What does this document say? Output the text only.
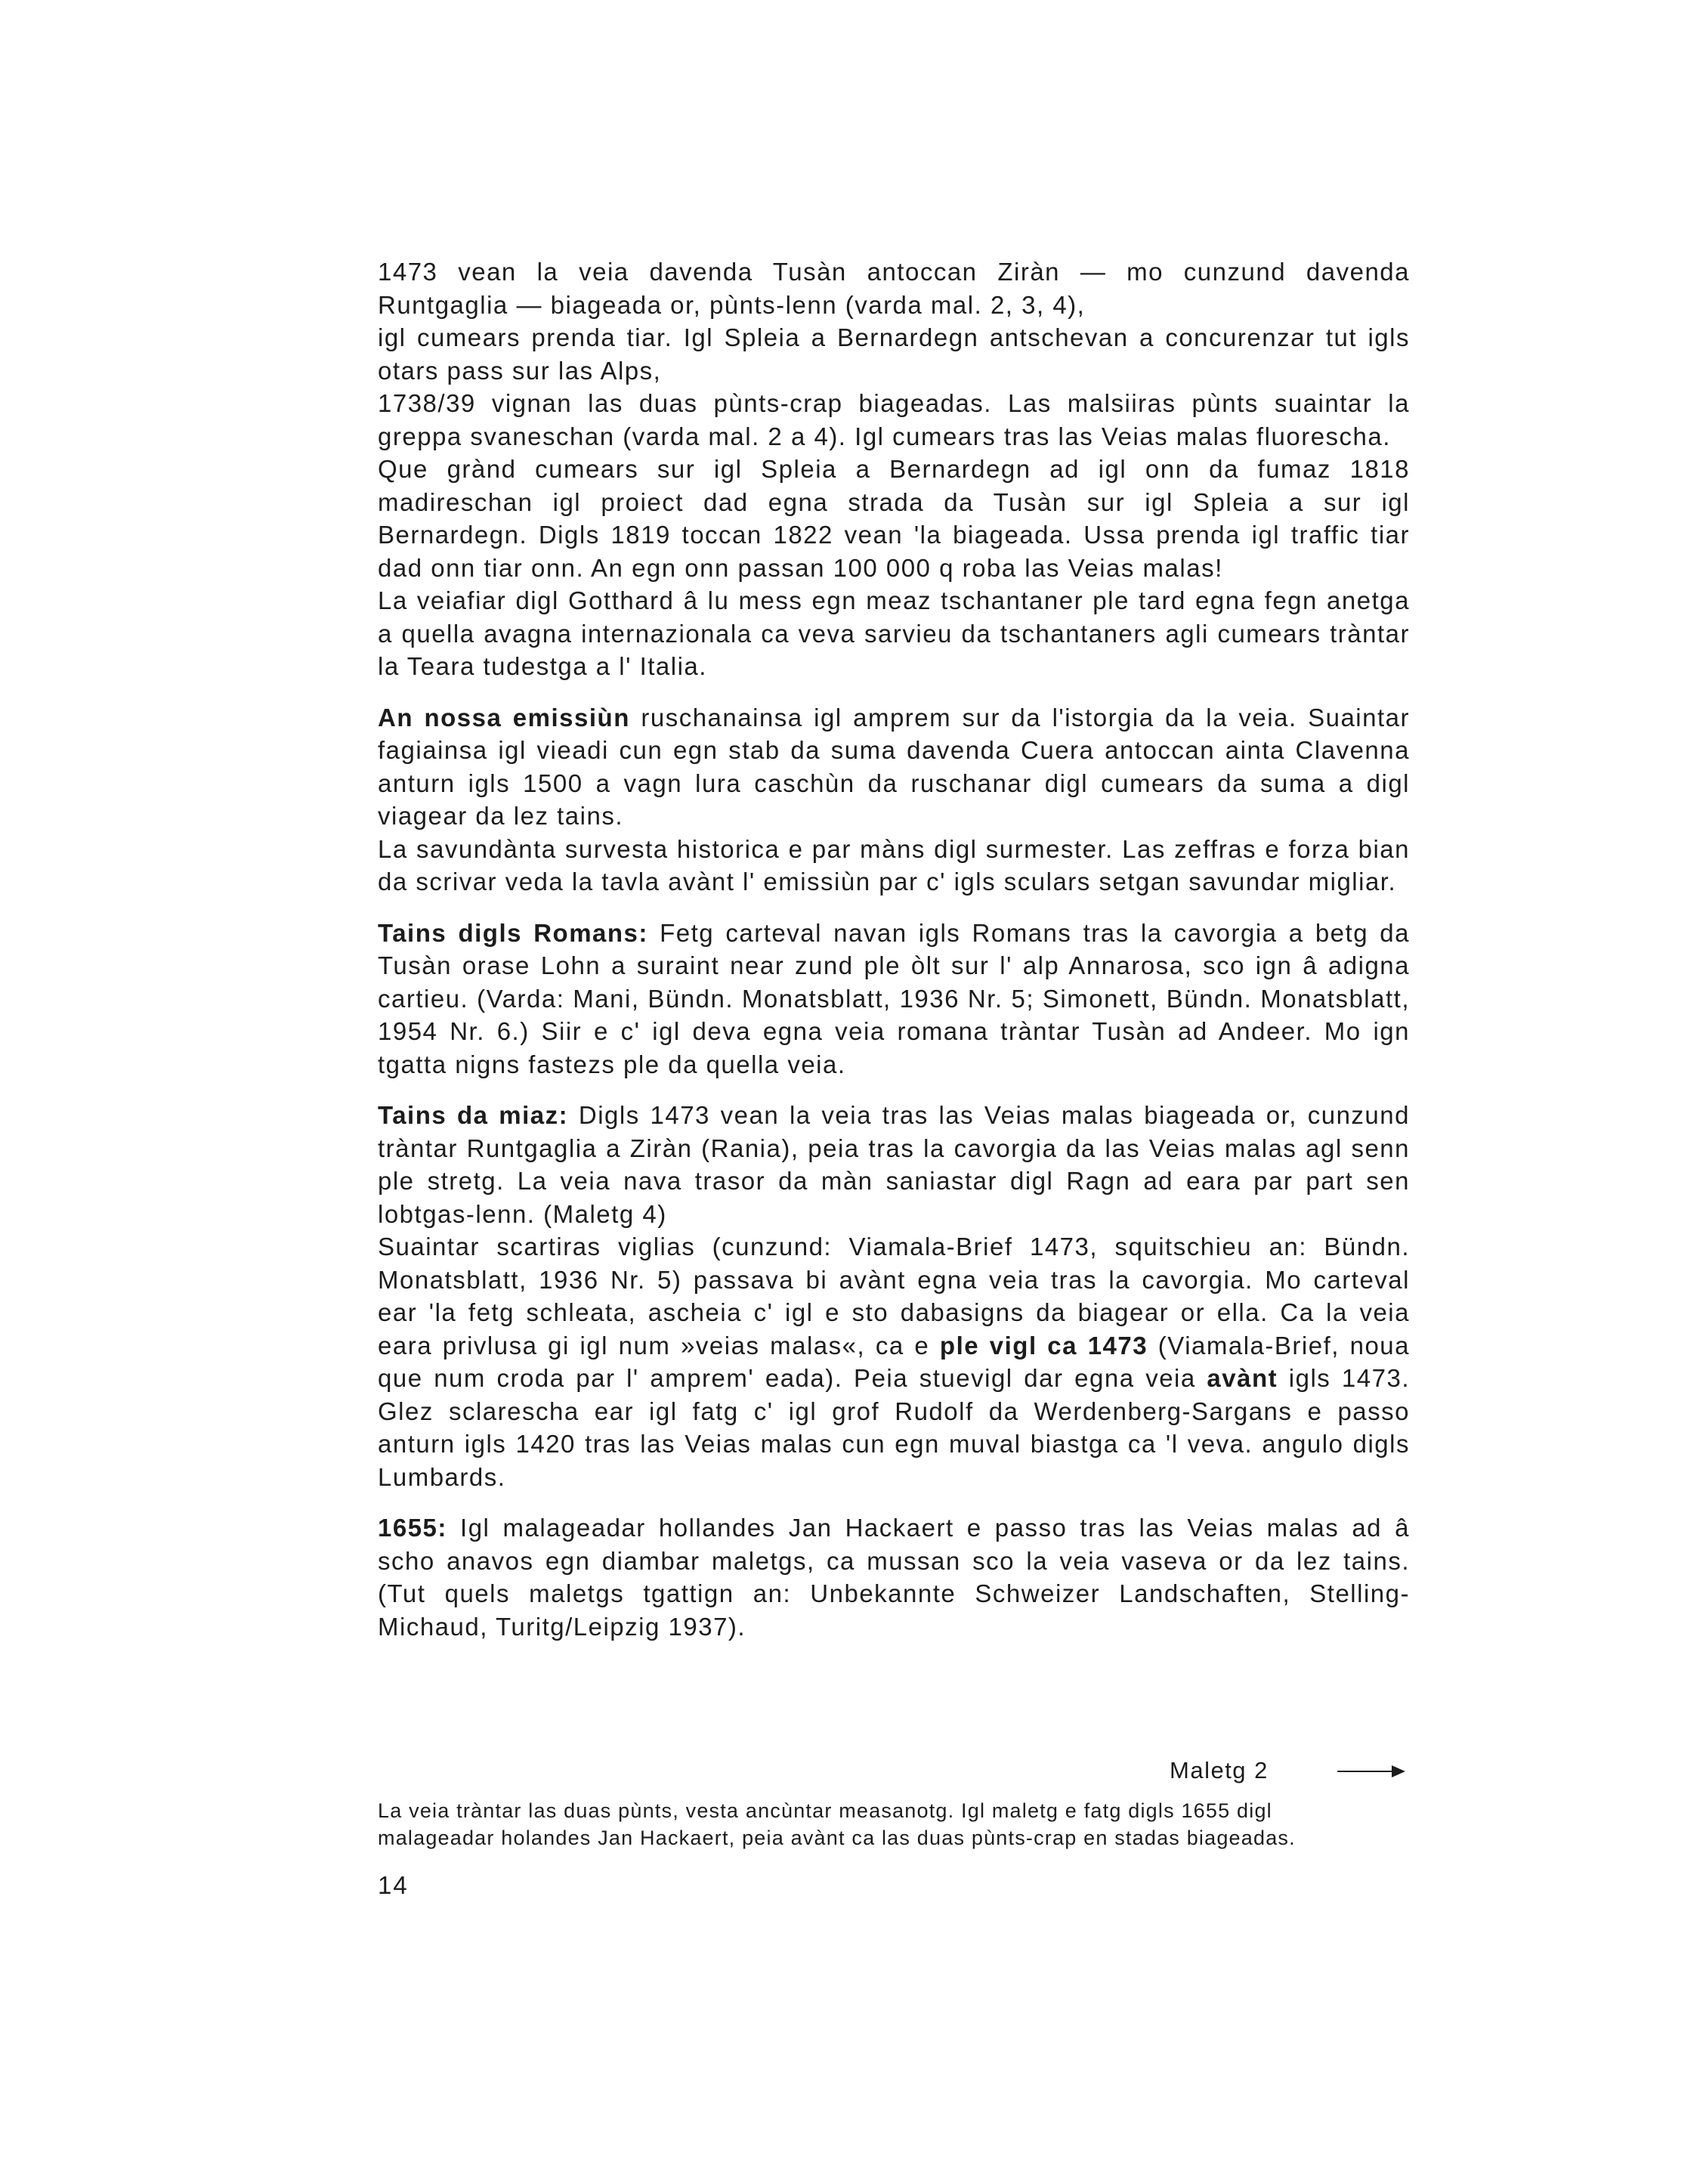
1473 vean la veia davenda Tusàn antoccan Ziràn — mo cunzund davenda Runtgaglia — biageada or, pùnts-lenn (varda mal. 2, 3, 4),

igl cumears prenda tiar. Igl Spleia a Bernardegn antschevan a concurenzar tut igls otars pass sur las Alps,

1738/39 vignan las duas pùnts-crap biageadas. Las malsiiras pùnts suaintar la greppa svaneschan (varda mal. 2 a 4). Igl cumears tras las Veias malas fluorescha.

Que grànd cumears sur igl Spleia a Bernardegn ad igl onn da fumaz 1818 madireschan igl proiect dad egna strada da Tusàn sur igl Spleia a sur igl Bernardegn. Digls 1819 toccan 1822 vean 'la biageada. Ussa prenda igl traffic tiar dad onn tiar onn. An egn onn passan 100 000 q roba las Veias malas!

La veiafiar digl Gotthard â lu mess egn meaz tschantaner ple tard egna fegn anetga a quella avagna internazionala ca veva sarvieu da tschantaners agli cumears tràntar la Teara tudestga a l' Italia.

An nossa emissiùn ruschanainsa igl amprem sur da l'istorgia da la veia. Suaintar fagiainsa igl vieadi cun egn stab da suma davenda Cuera antoccan ainta Clavenna anturn igls 1500 a vagn lura caschùn da ruschanar digl cumears da suma a digl viagear da lez tains.

La savundànta survesta historica e par màns digl surmester. Las zeffras e forza bian da scrivar veda la tavla avànt l' emissiùn par c' igls sculars setgan savundar migliar.

Tains digls Romans: Fetg carteval navan igls Romans tras la cavorgia a betg da Tusàn orase Lohn a suraint near zund ple òlt sur l' alp Annarosa, sco ign â adigna cartieu. (Varda: Mani, Bündn. Monatsblatt, 1936 Nr. 5; Simonett, Bündn. Monatsblatt, 1954 Nr. 6.) Siir e c' igl deva egna veia romana tràntar Tusàn ad Andeer. Mo ign tgatta nigns fastezs ple da quella veia.

Tains da miaz: Digls 1473 vean la veia tras las Veias malas biageada or, cunzund tràntar Runtgaglia a Ziràn (Rania), peia tras la cavorgia da las Veias malas agl senn ple stretg. La veia nava trasor da màn saniastar digl Ragn ad eara par part sen lobtgas-lenn. (Maletg 4)

Suaintar scartiras viglias (cunzund: Viamala-Brief 1473, squitschieu an: Bündn. Monatsblatt, 1936 Nr. 5) passava bi avànt egna veia tras la cavorgia. Mo carteval ear 'la fetg schleata, ascheia c' igl e sto dabasigns da biagear or ella. Ca la veia eara privlusa gi igl num »veias malas«, ca e ple vigl ca 1473 (Viamala-Brief, noua que num croda par l' amprem' eada). Peia stuevigl dar egna veia avànt igls 1473. Glez sclarescha ear igl fatg c' igl grof Rudolf da Werdenberg-Sargans e passo anturn igls 1420 tras las Veias malas cun egn muval biastga ca 'l veva. angulo digls Lumbards.

1655: Igl malageadar hollandes Jan Hackaert e passo tras las Veias malas ad â scho anavos egn diambar maletgs, ca mussan sco la veia vaseva or da lez tains. (Tut quels maletgs tgattign an: Unbekannte Schweizer Landschaften, Stelling-Michaud, Turitg/Leipzig 1937).

Maletg 2
La veia tràntar las duas pùnts, vesta ancùntar measanotg. Igl maletg e fatg digls 1655 digl
malageadar holandes Jan Hackaert, peia avànt ca las duas pùnts-crap en stadas biageadas.
14
